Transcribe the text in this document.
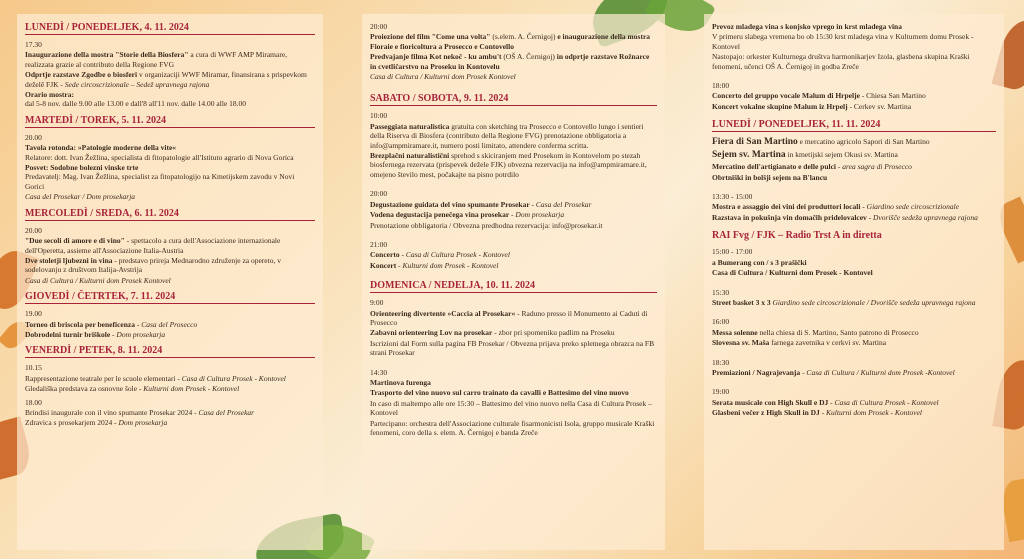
LUNEDÌ / PONEDELJEK, 4. 11. 2024
17.30
Inaugurazione della mostra "Storie della Biosfera" a cura di WWF AMP Miramare, realizzata grazie al contributo della Regione FVG
Odprtje razstave Zgodbe o biosferi v organizaciji WWF Miramar, finansirana s prispevkom deželě FJK - Sede circoscrizionale – Sedež upravnega rajona
Orario mostra:
dal 5-8 nov. dalle 9.00 alle 13.00 e dall'8 all'11 nov. dalle 14.00 alle 18.00
MARTEDÌ / TOREK, 5. 11. 2024
20.00
Tavola rotonda: »Patologie moderne della vite«
Relatore: dott. Ivan Žežlina, specialista di fitopatologie all'Istituto agrario di Nova Gorica
Posvet: Sodobne bolezni vinske trte
Predavatelj: Mag. Ivan Žežlina, specialist za fitopatologijo na Kmetijskem zavodu v Novi Gorici
Casa del Prosekar / Dom prosekarja
MERCOLEDÌ / SREDA, 6. 11. 2024
20.00
"Due secoli di amore e di vino" - spettacolo a cura dell'Associazione internazionale dell'Operetta, assieme all'Associazione Italia-Austria
Dve stoletji ljubezni in vina - predstavo prireja Mednarodno združenje za opereto, v sodelovanju z društvom Italija-Avstrija
Casa di Cultura / Kulturni dom Prosek Kontovel
GIOVEDÌ / ČETRTEK, 7. 11. 2024
19.00
Torneo di briscola per beneficenza - Casa del Prosecco
Dobrodelni turnir briškole - Dom prosekarja
VENERDÌ / PETEK, 8. 11. 2024
10.15
Rappresentazione teatrale per le scuole elementari - Casa di Cultura Prosek - Kontovel
Gledališka predstava za osnovne šole - Kulturni dom Prosek - Kontovel
18.00
Brindisi inaugurale con il vino spumante Prosekar 2024 - Casa del Prosekar
Zdravica s prosekarjem 2024 - Dom prosekarja
20:00
Proiezione del film "Come una volta" (s.elem. A. Černigoj) e inaugurazione della mostra Fioraie e fioricoltura a Prosecco e Contovello
Predvajanje filma Kot nekoč - ku ambu't (OŠ A. Černigoj) in odprtje razstave Rožnarce in cvetličarstvo na Proseku in Kontovelu
Casa di Cultura / Kulturni dom Prosek Kontovel
SABATO / SOBOTA, 9. 11. 2024
10:00
Passeggiata naturalistica gratuita con sketching tra Prosecco e Contovello lungo i sentieri della Riserva di Biosfera (contributo della Regione FVG) prenotazione obbligatoria a info@ampmiramare.it, numero posti limitato, attendere conferma scritta.
Brezplačni naturalistični sprehod s skiciranjem med Prosekom in Kontovelom po stezah biosfernega rezervata (prispevek dežele FJK) obvezna rezervacija na info@ampmiramare.it, omejeno število mest, počakajte na pisno potrdilo
20:00
Degustazione guidata del vino spumante Prosekar - Casa del Prosekar
Vodena degustacija penečega vina prosekar - Dom prosekarja
Prenotazione obbligatoria / Obvezna predhodna rezervacija: info@prosekar.it
21:00
Concerto - Casa di Cultura Prosek - Kontovel
Koncert - Kulturni dom Prosek - Kontovel
DOMENICA / NEDELJA, 10. 11. 2024
9:00
Orienteering divertente »Caccia al Prosekar« - Raduno presso il Monumento ai Caduti di Prosecco
Zabavni orienteering Lov na prosekar - zbor pri spomeniku padlim na Proseku
Iscrizioni dal Form sulla pagina FB Prosekar / Obvezna prijava preko spletnega obrazca na FB strani Prosekar
14:30
Martinova furenga
Trasporto del vino nuovo sul carro trainato da cavalli e Battesimo del vino nuovo
In caso di maltempo alle ore 15:30 – Battesimo del vino nuovo nella Casa di Cultura Prosek – Kontovel
Partecipano: orchestra dell'Associazione culturale fisarmonicisti Isola, gruppo musicale Kraški fenomeni, coro della s. elem. A. Černigoj e banda Zreče
Prevoz mladega vina s konjsko vprego in krst mladega vina
V primeru slabega vremena bo ob 15:30 krst mladega vina v Kulturnem domu Prosek - Kontovel
Nastopajo: orkester Kulturnega društva harmonikarjev Izola, glasbena skupina Kraški fenomeni, učenci OŠ A. Černigoj in godba Zreče
18:00
Concerto del gruppo vocale Malum di Hrpelje - Chiesa San Martino
Koncert vokalne skupine Malum iz Hrpelj - Cerkev sv. Martina
LUNEDÌ / PONEDELJEK, 11. 11. 2024
Fiera di San Martino e mercatino agricolo Sapori di San Martino
Sejem sv. Martina in kmetijski sejem Okusi sv. Martina
Mercatino dell'artigianato e delle pulci - area sagra di Prosecco
Obrtniški in bolšji sejem na B'lancu
13:30 - 15:00
Mostra e assaggio dei vini dei produttori locali - Giardino sede circoscrizionale
Razstava in pokušnja vin domačih pridelovalcev - Dvorišče sedeža upravnega rajona
RAI Fvg / FJK – Radio Trst A in diretta
15:00 - 17:00
a Bumerang con / s 3 prašički
Casa di Cultura / Kulturni dom Prosek - Kontovel
15:30
Street basket 3 x 3 Giardino sede circoscrizionale / Dvorišče sedeža upravnega rajona
16:00
Messa solenne nella chiesa di S. Martino, Santo patrono di Prosecco
Slovesna sv. Maša farnega zavetnika v cerkvi sv. Martina
18:30
Premiazioni / Nagrajevanja - Casa di Cultura / Kulturni dom Prosek -Kontovel
19:00
Serata musicale con High Skull e DJ - Casa di Cultura Prosek - Kontovel
Glasbeni večer z High Skull in DJ - Kulturni dom Prosek - Kontovel
